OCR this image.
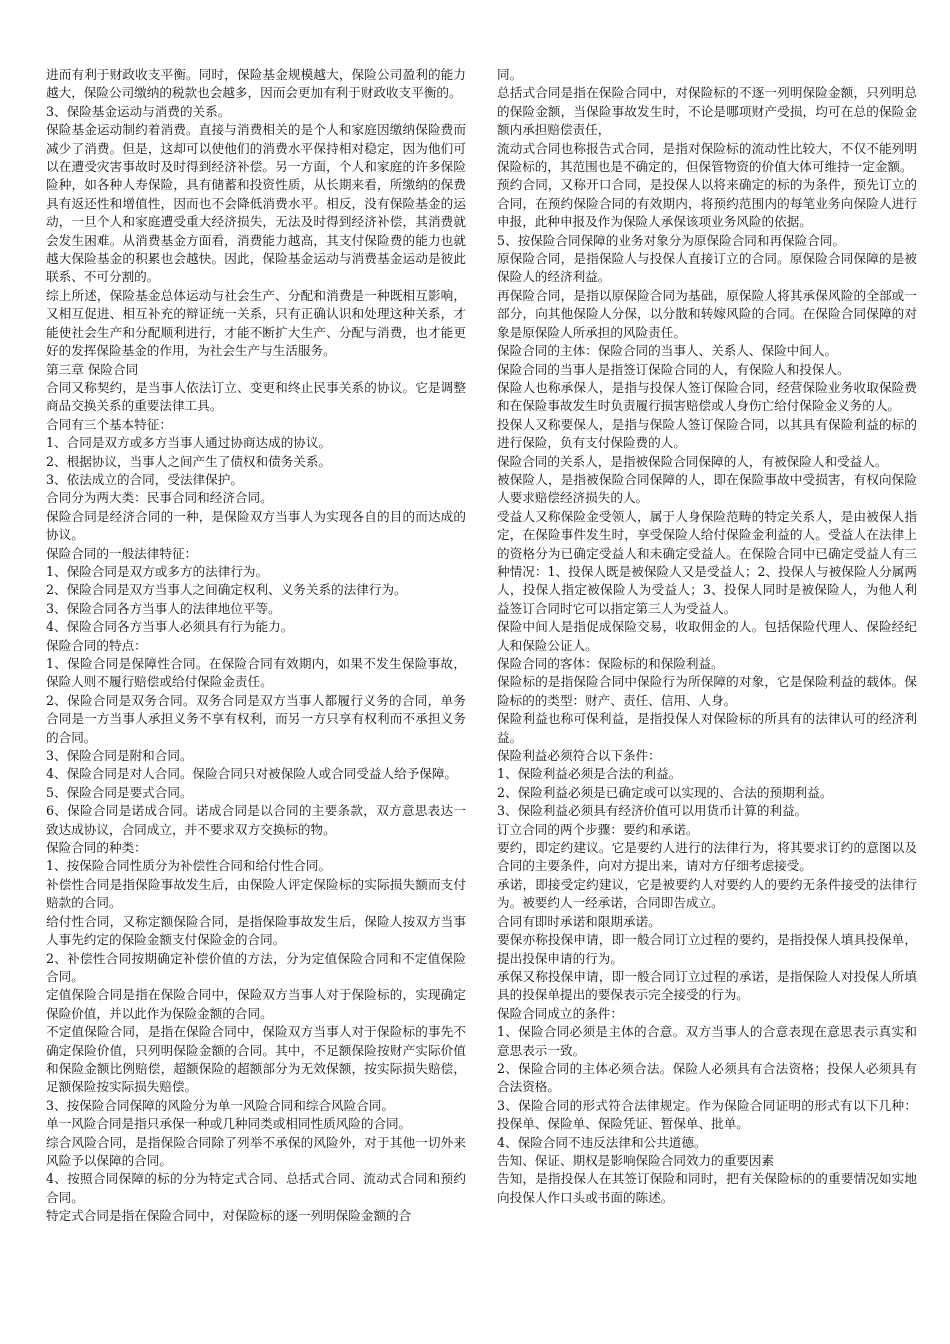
进而有利于财政收支平衡。同时，保险基金规模越大，保险公司盈利的能力越大，保险公司缴纳的税款也会越多，因而会更加有利于财政收支平衡的。

3、保险基金运动与消费的关系。

保险基金运动制约着消费。直接与消费相关的是个人和家庭因缴纳保险费而减少了消费。但是，这却可以使他们的消费水平保持相对稳定，因为他们可以在遭受灾害事故时及时得到经济补偿。另一方面，个人和家庭的许多保险险种，如各种人寿保险，具有储蓄和投资性质，从长期来看，所缴纳的保费具有返还性和增值性，因而也不会降低消费水平。相反，没有保险基金的运动，一旦个人和家庭遭受重大经济损失，无法及时得到经济补偿，其消费就会发生困难。从消费基金方面看，消费能力越高，其支付保险费的能力也就越大保险基金的积累也会越快。因此，保险基金运动与消费基金运动是彼此联系、不可分割的。

综上所述，保险基金总体运动与社会生产、分配和消费是一种既相互影响，又相互促进、相互补充的辩证统一关系，只有正确认识和处理这种关系，才能使社会生产和分配顺利进行，才能不断扩大生产、分配与消费，也才能更好的发挥保险基金的作用，为社会生产与生活服务。

第三章 保险合同

合同又称契约，是当事人依法订立、变更和终止民事关系的协议。它是调整商品交换关系的重要法律工具。

合同有三个基本特征：

1、合同是双方或多方当事人通过协商达成的协议。

2、根据协议，当事人之间产生了债权和债务关系。

3、依法成立的合同，受法律保护。

合同分为两大类：民事合同和经济合同。

保险合同是经济合同的一种，是保险双方当事人为实现各自的目的而达成的协议。

保险合同的一般法律特征：

1、保险合同是双方或多方的法律行为。

2、保险合同是双方当事人之间确定权利、义务关系的法律行为。

3、保险合同各方当事人的法律地位平等。

4、保险合同各方当事人必须具有行为能力。

保险合同的特点：

1、保险合同是保障性合同。在保险合同有效期内，如果不发生保险事故，保险人则不履行赔偿或给付保险金责任。

2、保险合同是双务合同。双务合同是双方当事人都履行义务的合同，单务合同是一方当事人承担义务不享有权利，而另一方只享有权利而不承担义务的合同。

3、保险合同是附和合同。

4、保险合同是对人合同。保险合同只对被保险人或合同受益人给予保障。

5、保险合同是要式合同。

6、保险合同是诺成合同。诺成合同是以合同的主要条款，双方意思表达一致达成协议，合同成立，并不要求双方交换标的物。

保险合同的种类：

1、按保险合同性质分为补偿性合同和给付性合同。

补偿性合同是指保险事故发生后，由保险人评定保险标的实际损失额而支付赔款的合同。

给付性合同，又称定额保险合同，是指保险事故发生后，保险人按双方当事人事先约定的保险金额支付保险金的合同。

2、补偿性合同按期确定补偿价值的方法，分为定值保险合同和不定值保险合同。

定值保险合同是指在保险合同中，保险双方当事人对于保险标的，实现确定保险价值，并以此作为保险金额的合同。

不定值保险合同，是指在保险合同中，保险双方当事人对于保险标的事先不确定保险价值，只列明保险金额的合同。其中，不足额保险按财产实际价值和保险金额比例赔偿，超额保险的超额部分为无效保额，按实际损失赔偿，足额保险按实际损失赔偿。

3、按保险合同保障的风险分为单一风险合同和综合风险合同。

单一风险合同是指只承保一种或几种同类或相同性质风险的合同。

综合风险合同，是指保险合同除了列举不承保的风险外，对于其他一切外来风险予以保障的合同。

4、按照合同保障的标的分为特定式合同、总括式合同、流动式合同和预约合同。

特定式合同是指在保险合同中，对保险标的逐一列明保险金额的合

同。

总括式合同是指在保险合同中，对保险标的不逐一列明保险金额，只列明总的保险金额，当保险事故发生时，不论是哪项财产受损，均可在总的保险金额内承担赔偿责任，

流动式合同也称报告式合同，是指对保险标的流动性比较大，不仅不能列明保险标的，其范围也是不确定的，但保管物资的价值大体可维持一定金额。

预约合同，又称开口合同，是投保人以将来确定的标的为条件，预先订立的合同，在预约保险合同的有效期内，将预约范围内的每笔业务向保险人进行申报，此种申报及作为保险人承保该项业务风险的依据。

5、按保险合同保障的业务对象分为原保险合同和再保险合同。

原保险合同，是指保险人与投保人直接订立的合同。原保险合同保障的是被保险人的经济利益。

再保险合同，是指以原保险合同为基础，原保险人将其承保风险的全部或一部分，向其他保险人分保，以分散和转嫁风险的合同。在保险合同保障的对象是原保险人所承担的风险责任。

保险合同的主体：保险合同的当事人、关系人、保险中间人。

保险合同的当事人是指签订保险合同的人，有保险人和投保人。

保险人也称承保人，是指与投保人签订保险合同，经营保险业务收取保险费和在保险事故发生时负责履行损害赔偿或人身伤亡给付保险金义务的人。

投保人又称要保人，是指与保险人签订保险合同，以其具有保险利益的标的进行保险，负有支付保险费的人。

保险合同的关系人，是指被保险合同保障的人，有被保险人和受益人。

被保险人，是指被保险合同保障的人，即在保险事故中受损害，有权向保险人要求赔偿经济损失的人。

受益人又称保险金受领人，属于人身保险范畴的特定关系人，是由被保人指定，在保险事件发生时，享受保险人给付保险金利益的人。受益人在法律上的资格分为已确定受益人和未确定受益人。在保险合同中已确定受益人有三种情况：1、投保人既是被保险人又是受益人；2、投保人与被保险人分属两人，投保人指定被保险人为受益人；3、投保人同时是被保险人，为他人利益签订合同时它可以指定第三人为受益人。

保险中间人是指促成保险交易，收取佣金的人。包括保险代理人、保险经纪人和保险公证人。

保险合同的客体：保险标的和保险利益。

保险标的是指保险合同中保险行为所保障的对象，它是保险利益的载体。保险标的的类型：财产、责任、信用、人身。

保险利益也称可保利益，是指投保人对保险标的所具有的法律认可的经济利益。

保险利益必须符合以下条件：

1、保险利益必须是合法的利益。

2、保险利益必须是已确定或可以实现的、合法的预期利益。

3、保险利益必须具有经济价值可以用货币计算的利益。

订立合同的两个步骤：要约和承诺。

要约，即定约建议。它是要约人进行的法律行为，将其要求订约的意图以及合同的主要条件，向对方提出来，请对方仔细考虑接受。

承诺，即接受定约建议，它是被要约人对要约人的要约无条件接受的法律行为。被要约人一经承诺，合同即告成立。

合同有即时承诺和限期承诺。

要保亦称投保申请，即一般合同订立过程的要约，是指投保人填具投保单，提出投保申请的行为。

承保又称投保申请，即一般合同订立过程的承诺，是指保险人对投保人所填具的投保单提出的要保表示完全接受的行为。

保险合同成立的条件：

1、保险合同必须是主体的合意。双方当事人的合意表现在意思表示真实和意思表示一致。

2、保险合同的主体必须合法。保险人必须具有合法资格；投保人必须具有合法资格。

3、保险合同的形式符合法律规定。作为保险合同证明的形式有以下几种：投保单、保险单、保险凭证、暂保单、批单。

4、保险合同不违反法律和公共道德。

告知、保证、期权是影响保险合同效力的重要因素

告知，是指投保人在其签订保险和同时，把有关保险标的的重要情况如实地向投保人作口头或书面的陈述。
